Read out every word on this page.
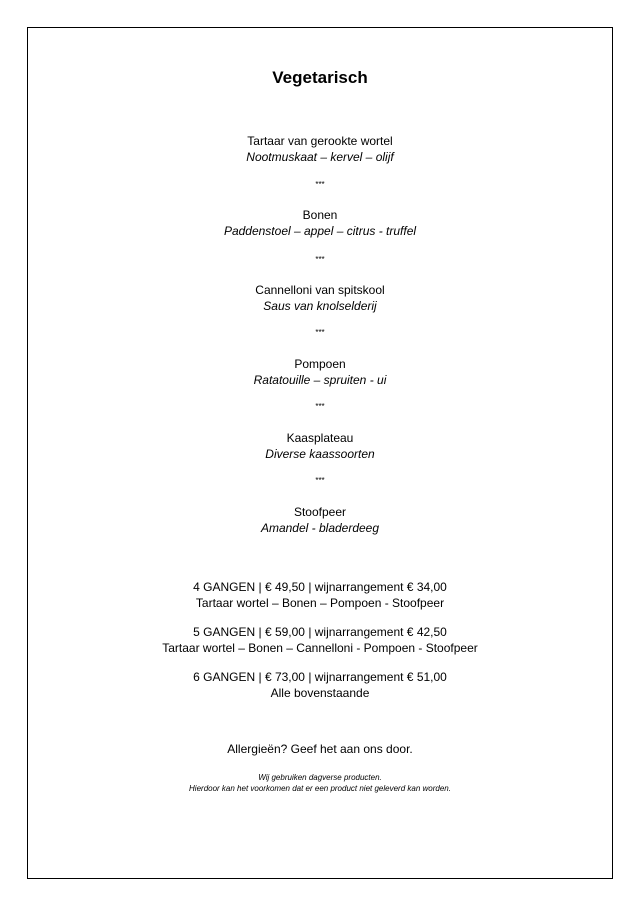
Vegetarisch
Tartaar van gerookte wortel
Nootmuskaat – kervel – olijf
***
Bonen
Paddenstoel – appel – citrus - truffel
***
Cannelloni van spitskool
Saus van knolselderij
***
Pompoen
Ratatouille – spruiten - ui
***
Kaasplateau
Diverse kaassoorten
***
Stoofpeer
Amandel - bladerdeeg
4 GANGEN | € 49,50 | wijnarrangement € 34,00
Tartaar wortel – Bonen – Pompoen - Stoofpeer
5 GANGEN | € 59,00 | wijnarrangement € 42,50
Tartaar wortel – Bonen – Cannelloni - Pompoen - Stoofpeer
6 GANGEN | € 73,00 | wijnarrangement € 51,00
Alle bovenstaande
Allergieën? Geef het aan ons door.
Wij gebruiken dagverse producten.
Hierdoor kan het voorkomen dat er een product niet geleverd kan worden.
